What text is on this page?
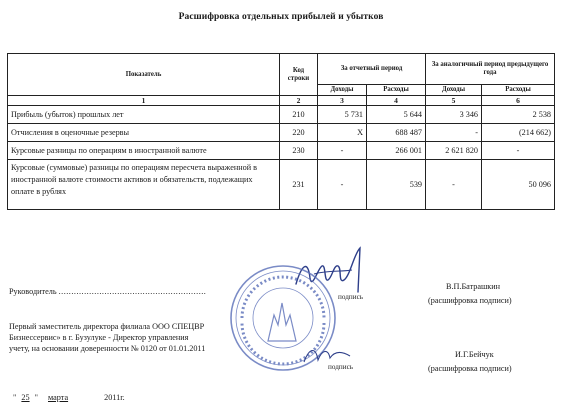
Расшифровка отдельных прибылей и убытков
Показатель	Код строки	За отчетный период		За аналогичный период предыдущего года	
		Доходы	Расходы	Доходы	Расходы
1	2	3	4	5	6
Прибыль (убыток) прошлых лет	210	5 731	5 644	3 346	2 538
Отчисления в оценочные резервы	220	X	688 487	-	(214 662)
Курсовые разницы по операциям в иностранной валюте	230	-	266 001	2 621 820	-
Курсовые (суммовые) разницы по операциям пересчета выраженной в иностранной валюте стоимости активов и обязательств, подлежащих оплате в рублях	231	-	539	-	50 096
Руководитель ..........................................................
подпись
В.П.Батрашкин
(расшифровка подписи)
Первый заместитель директора филиала ООО СПЕЦВР
Бизнессервис» в г. Бузулуке - Директор управления
учету, на основании доверенности № 0120 от 01.01.2011
подпись
И.Г.Бейчук
(расшифровка подписи)
" 25 " марта	2011г.
